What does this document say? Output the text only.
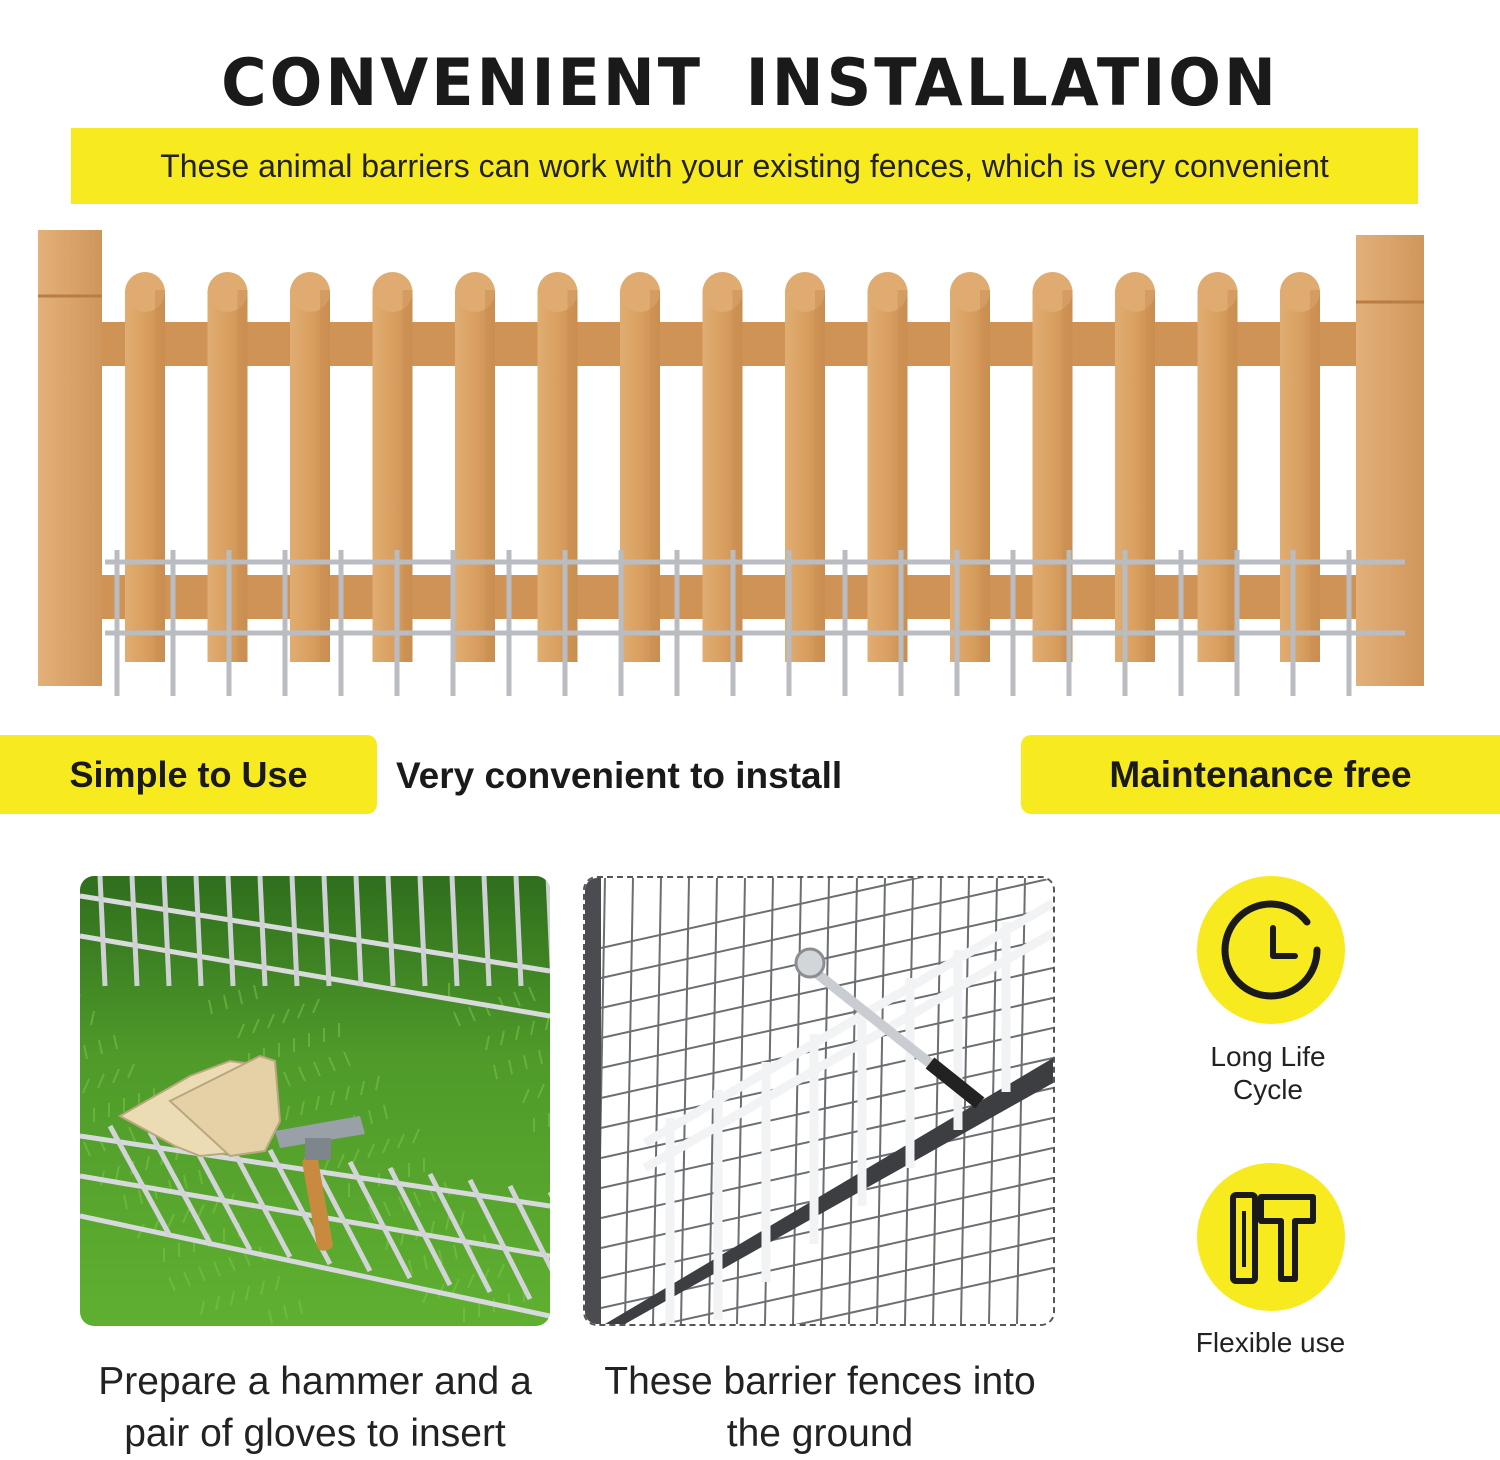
CONVENIENT INSTALLATION
These animal barriers can work with your existing fences, which is very convenient
Simple to Use Very convenient to install	Maintenance free
Prepare a hammer and a
pair of gloves to insert
These barrier fences into
the ground
Long Life
Cycle
Flexible use
